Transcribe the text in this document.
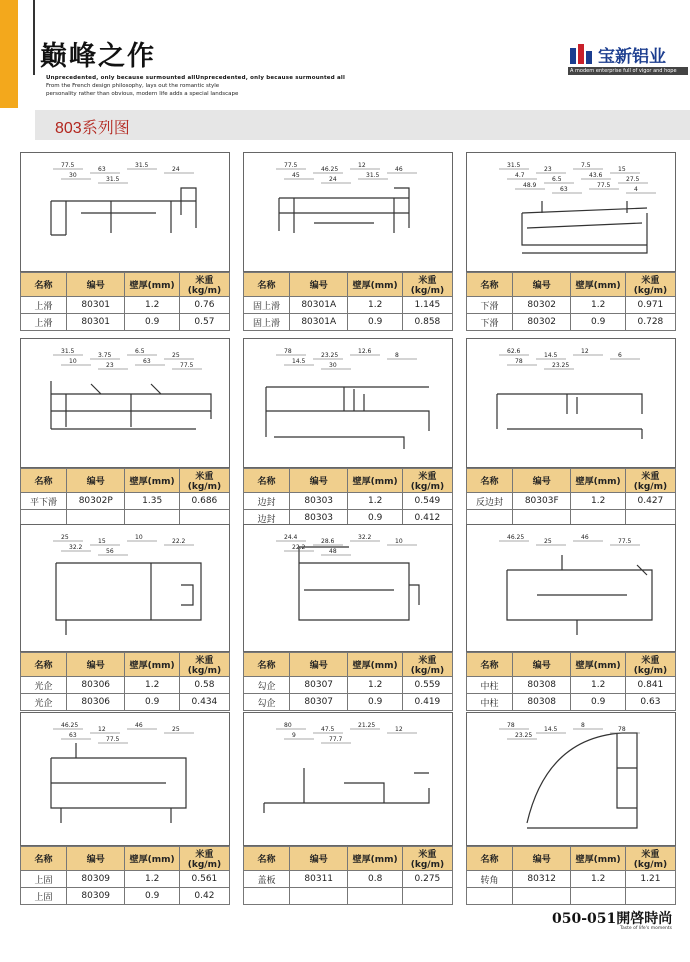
巅峰之作
Unprecedented, only because surmounted allUnprecedented, only because surmounted all
From the French design philosophy, lays out the romantic style
personality rather than obvious, modern life adds a special landscape
宝新铝业
A modern enterprise full of vigor and hope
803系列图
77.5
63
31.5
24
30
31.5
名称	编号	壁厚(mm)	米重(kg/m)
上滑	80301	1.2	0.76
上滑	80301	0.9	0.57
77.5
46.25
12
46
45
24
31.5
名称	编号	壁厚(mm)	米重(kg/m)
固上滑	80301A	1.2	1.145
固上滑	80301A	0.9	0.858
31.5
23
7.5
15
4.7
6.5
43.6
27.5
48.9
63
77.5
4
名称	编号	壁厚(mm)	米重(kg/m)
下滑	80302	1.2	0.971
下滑	80302	0.9	0.728
31.5
3.75
6.5
25
10
23
63
77.5
名称	编号	壁厚(mm)	米重(kg/m)
平下滑	80302P	1.35	0.686

78
23.25
12.6
8
14.5
30
名称	编号	壁厚(mm)	米重(kg/m)
边封	80303	1.2	0.549
边封	80303	0.9	0.412
62.6
14.5
12
6
78
23.25
名称	编号	壁厚(mm)	米重(kg/m)
反边封	80303F	1.2	0.427

25
15
10
22.2
32.2
56
名称	编号	壁厚(mm)	米重(kg/m)
光企	80306	1.2	0.58
光企	80306	0.9	0.434
24.4
28.6
32.2
10
22.2
48
名称	编号	壁厚(mm)	米重(kg/m)
勾企	80307	1.2	0.559
勾企	80307	0.9	0.419
46.25
25
46
77.5
名称	编号	壁厚(mm)	米重(kg/m)
中柱	80308	1.2	0.841
中柱	80308	0.9	0.63
46.25
12
46
25
63
77.5
名称	编号	壁厚(mm)	米重(kg/m)
上固	80309	1.2	0.561
上固	80309	0.9	0.42
80
47.5
21.25
12
9
77.7
名称	编号	壁厚(mm)	米重(kg/m)
盖板	80311	0.8	0.275

78
14.5
8
78
23.25
名称	编号	壁厚(mm)	米重(kg/m)
转角	80312	1.2	1.21

050-051開啓時尚
Taste of life's moments
